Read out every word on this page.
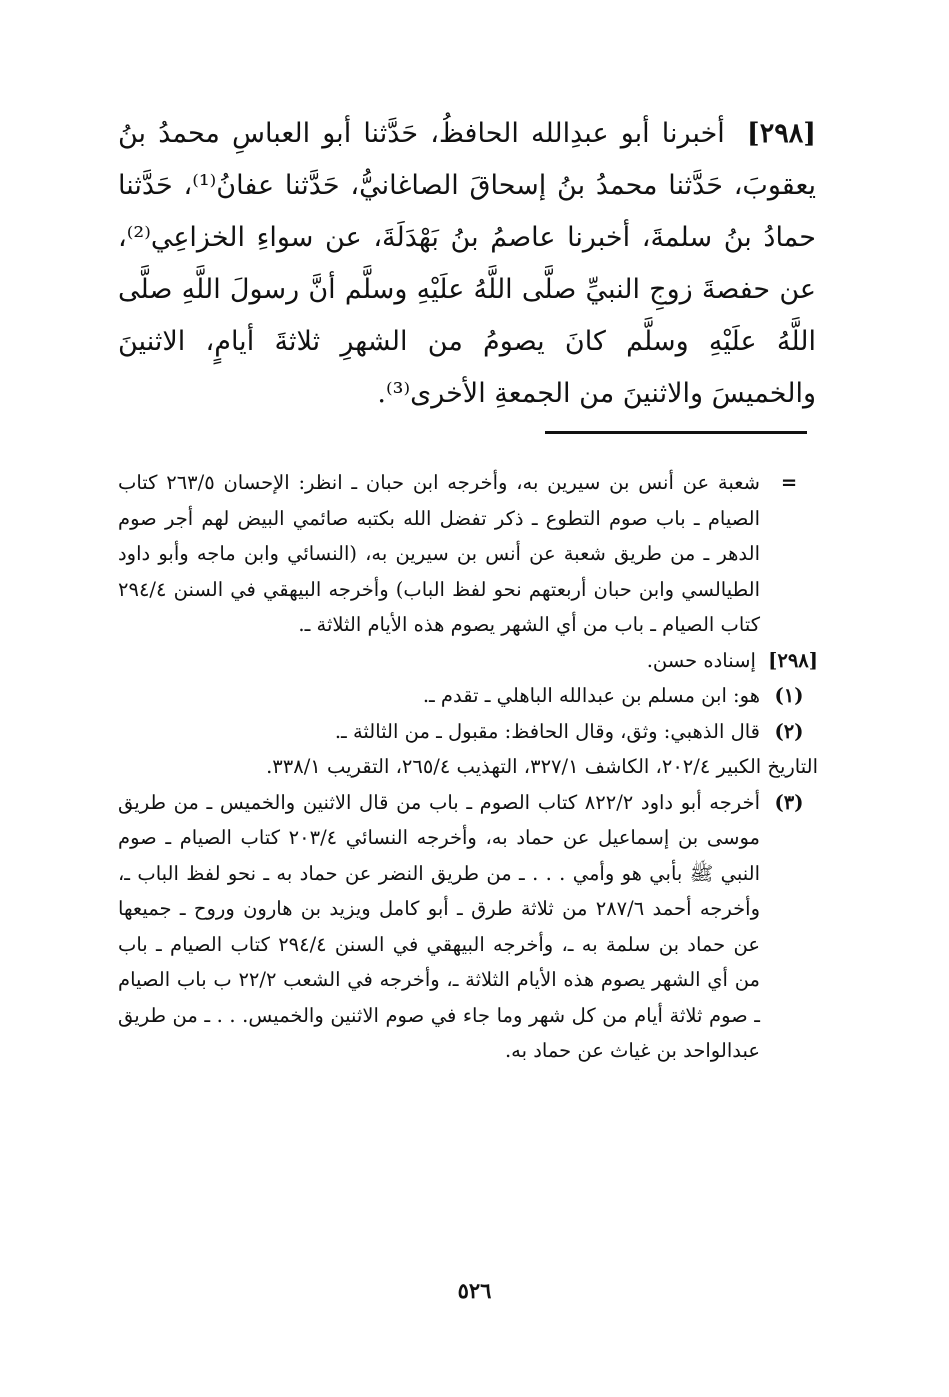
[٢٩٨] أخبرنا أبو عبدِالله الحافظُ، حَدَّثنا أبو العباسِ محمدُ بنُ يعقوبَ، حَدَّثنا محمدُ بنُ إسحاقَ الصاغانيُّ، حَدَّثنا عفانُ⁽¹⁾، حَدَّثنا حمادُ بنُ سلمةَ، أخبرنا عاصمُ بنُ بَهْدَلَةَ، عن سواءِ الخزاعِي⁽²⁾، عن حفصةَ زوجِ النبيِّ صلَّى اللَّهُ علَيْهِ وسلَّم أنَّ رسولَ اللَّهِ صلَّى اللَّهُ علَيْهِ وسلَّم كانَ يصومُ من الشهرِ ثلاثةَ أيامٍ، الاثنينَ والخميسَ والاثنينَ من الجمعةِ الأخرى⁽³⁾.
=
شعبة عن أنس بن سيرين به، وأخرجه ابن حبان ـ انظر: الإحسان ٢٦٣/٥ كتاب الصيام ـ باب صوم التطوع ـ ذكر تفضل الله بكتبه صائمي البيض لهم أجر صوم الدهر ـ من طريق شعبة عن أنس بن سيرين به، (النسائي وابن ماجه وأبو داود الطيالسي وابن حبان أربعتهم نحو لفظ الباب) وأخرجه البيهقي في السنن ٢٩٤/٤ كتاب الصيام ـ باب من أي الشهر يصوم هذه الأيام الثلاثة ـ.
[٢٩٨] إسناده حسن.
(١)
هو: ابن مسلم بن عبدالله الباهلي ـ تقدم ـ.
(٢)
قال الذهبي: وثق، وقال الحافظ: مقبول ـ من الثالثة ـ.
التاريخ الكبير ٢٠٢/٤، الكاشف ٣٢٧/١، التهذيب ٢٦٥/٤، التقريب ٣٣٨/١.
(٣)
أخرجه أبو داود ٨٢٢/٢ كتاب الصوم ـ باب من قال الاثنين والخميس ـ من طريق موسى بن إسماعيل عن حماد به، وأخرجه النسائي ٢٠٣/٤ كتاب الصيام ـ صوم النبي ﷺ بأبي هو وأمي . . . ـ من طريق النضر عن حماد به ـ نحو لفظ الباب ـ، وأخرجه أحمد ٢٨٧/٦ من ثلاثة طرق ـ أبو كامل ويزيد بن هارون وروح ـ جميعها عن حماد بن سلمة به ـ، وأخرجه البيهقي في السنن ٢٩٤/٤ كتاب الصيام ـ باب من أي الشهر يصوم هذه الأيام الثلاثة ـ، وأخرجه في الشعب ٢٢/٢ ب باب الصيام ـ صوم ثلاثة أيام من كل شهر وما جاء في صوم الاثنين والخميس. . . ـ من طريق عبدالواحد بن غياث عن حماد به.
٥٢٦
